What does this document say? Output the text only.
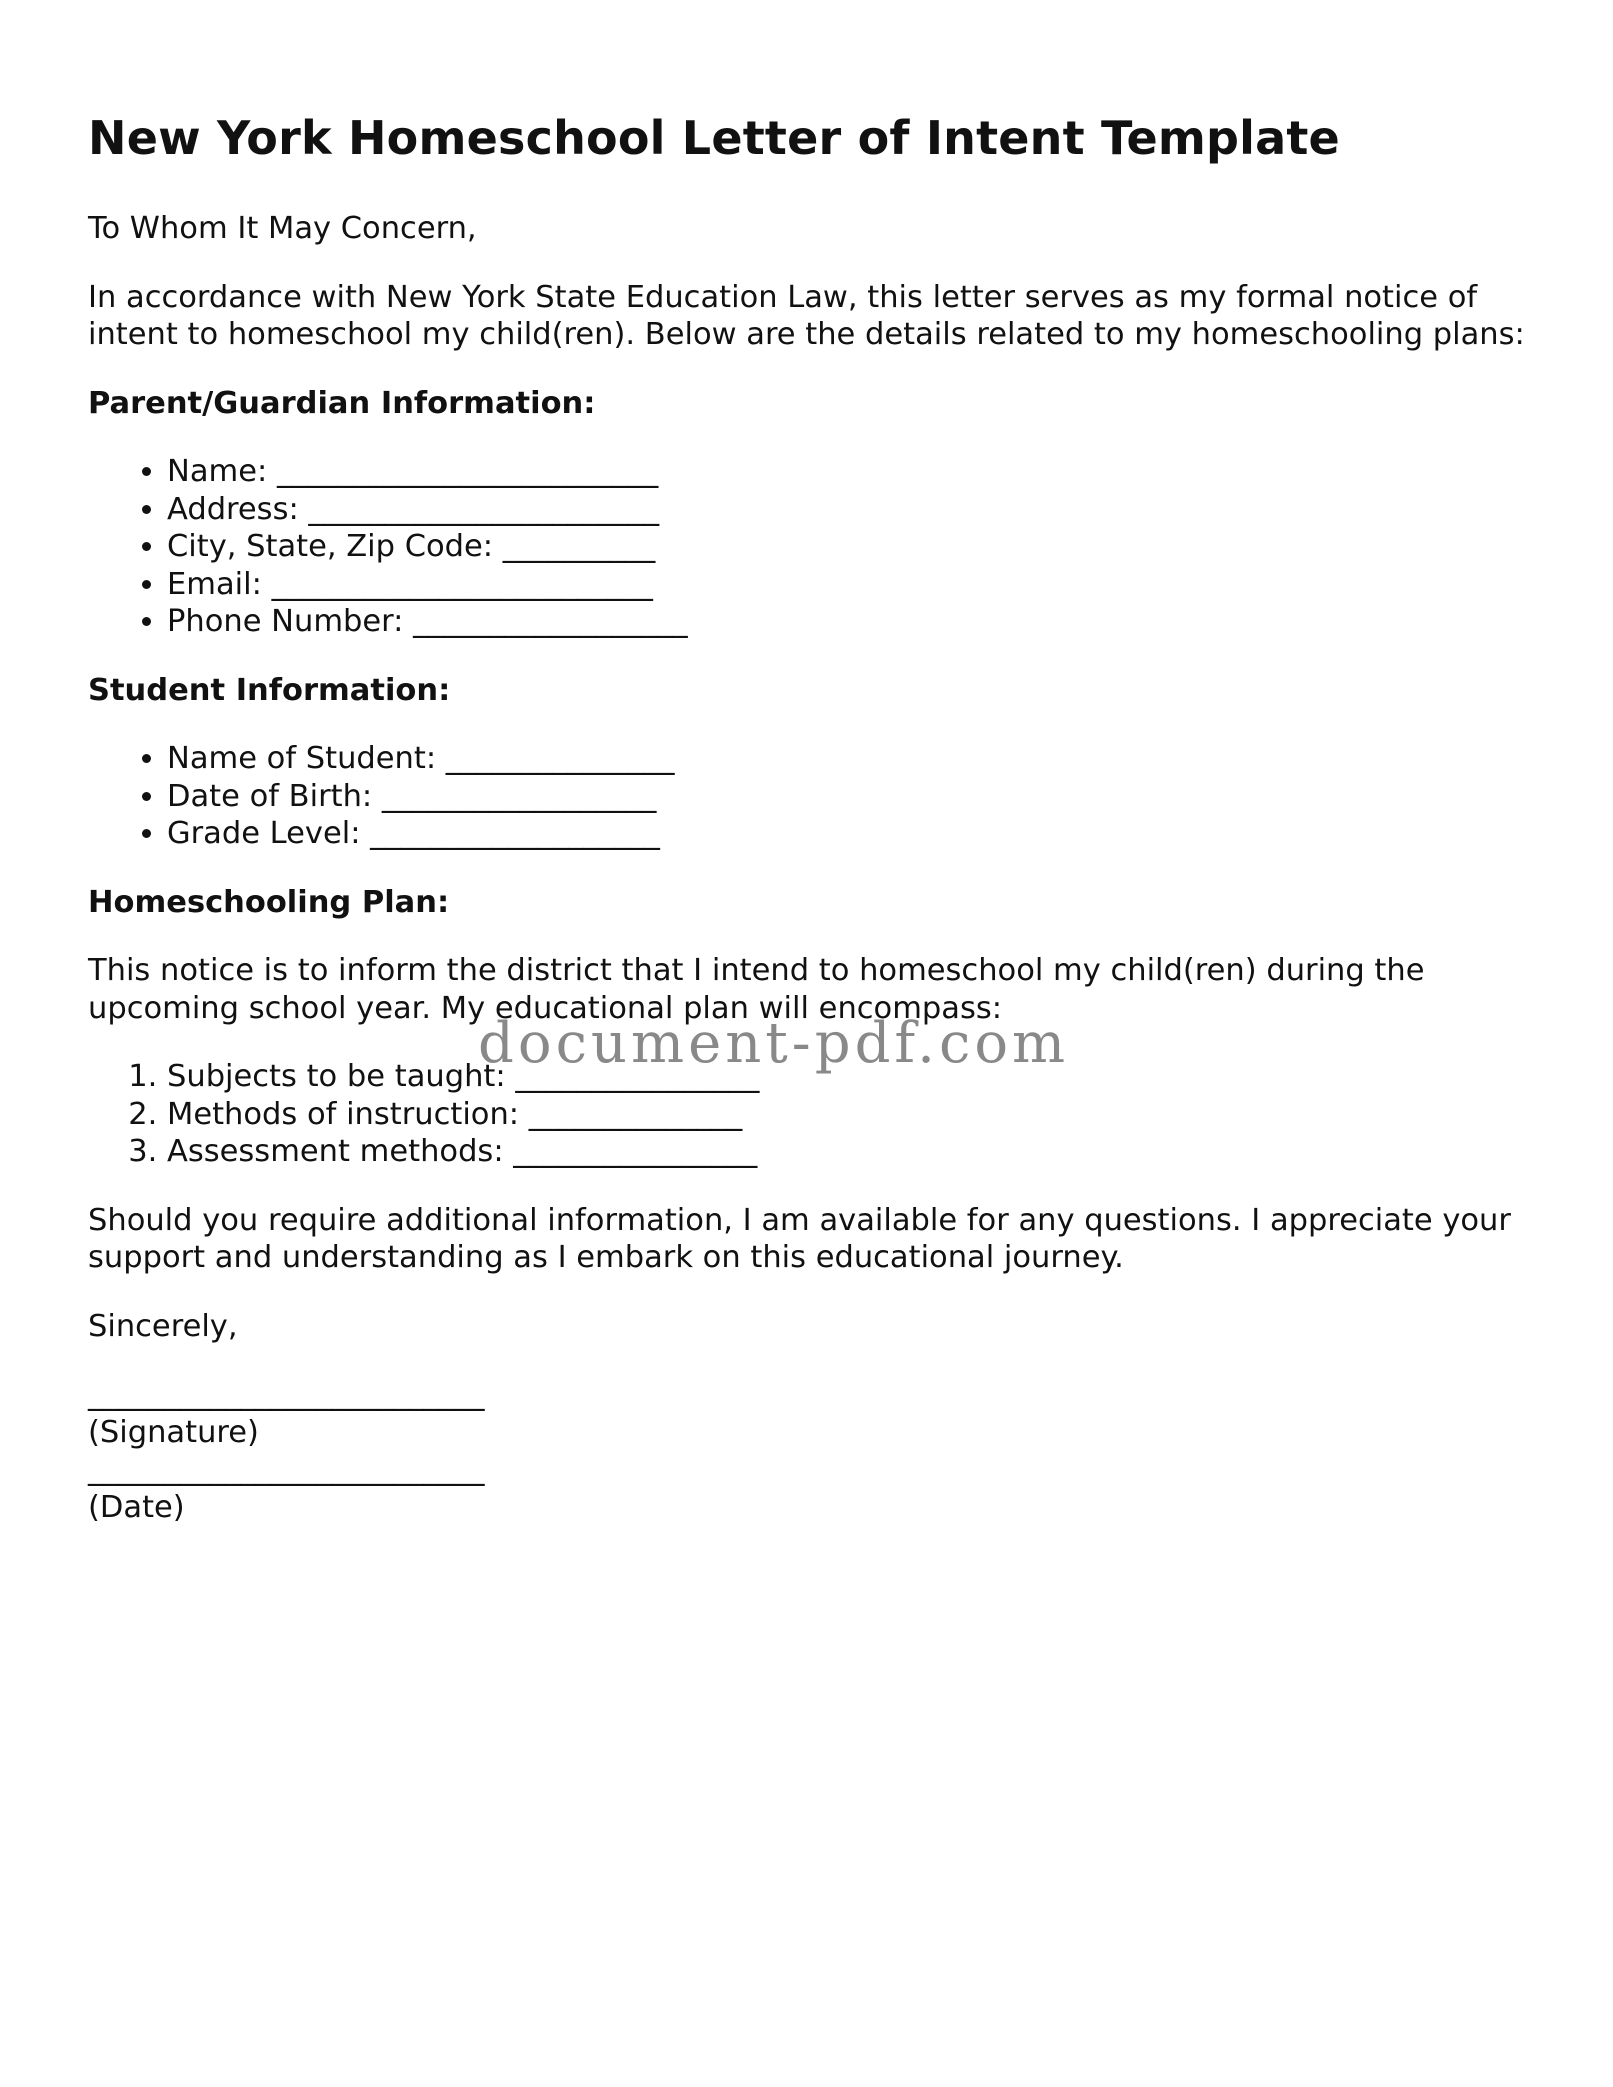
New York Homeschool Letter of Intent Template

To Whom It May Concern,

In accordance with New York State Education Law, this letter serves as my formal notice of intent to homeschool my child(ren). Below are the details related to my homeschooling plans:

Parent/Guardian Information:
• Name: _________________________
• Address: _______________________
• City, State, Zip Code: __________
• Email: _________________________
• Phone Number: __________________
Student Information:
• Name of Student: _______________
• Date of Birth: __________________
• Grade Level: ___________________
Homeschooling Plan:

This notice is to inform the district that I intend to homeschool my child(ren) during the upcoming school year. My educational plan will encompass:

1. Subjects to be taught: ________________
2. Methods of instruction: ______________
3. Assessment methods: ________________

Should you require additional information, I am available for any questions. I appreciate your support and understanding as I embark on this educational journey.

Sincerely,

__________________________
(Signature)
__________________________
(Date)
document-pdf.com
